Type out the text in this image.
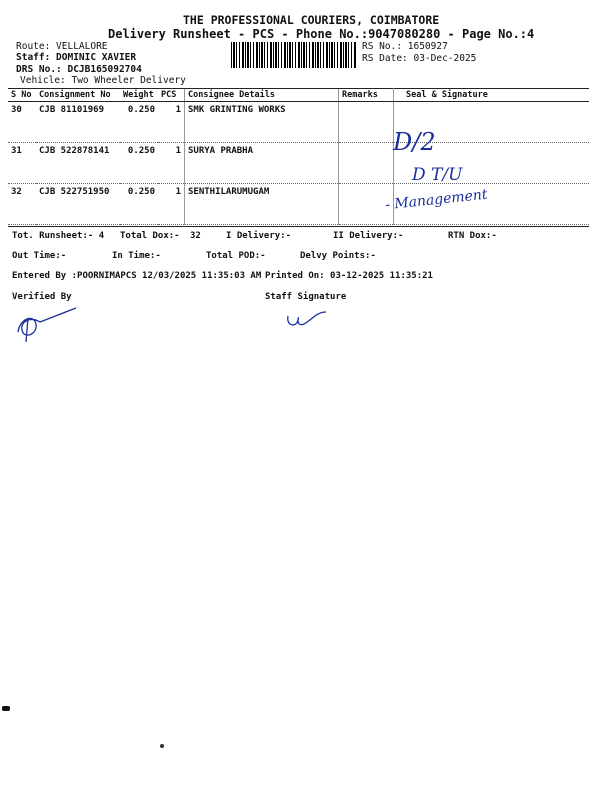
THE PROFESSIONAL COURIERS, COIMBATORE
Delivery Runsheet - PCS - Phone No.:9047080280 - Page No.:4
Route: VELLALORE
Staff: DOMINIC XAVIER
DRS No.: DCJB165092704
Vehicle: Two Wheeler Delivery
RS No.: 1650927
RS Date: 03-Dec-2025
S No	Consignment No	Weight	PCS	Consignee Details	Remarks	Seal & Signature
30	CJB 81101969	0.250	1	SMK GRINTING WORKS		
31	CJB 522878141	0.250	1	SURYA PRABHA		
32	CJB 522751950	0.250	1	SENTHILARUMUGAM		
D/2
D T/U
- Management
Tot. Runsheet:- 4 Total Dox:- 32	I Delivery:-	II Delivery:-	RTN Dox:-
Out Time:-	In Time:-	Total POD:-	Delvy Points:-
Entered By :POORNIMAPCS 12/03/2025 11:35:03 AM Printed On: 03-12-2025 11:35:21
Verified By	Staff Signature
